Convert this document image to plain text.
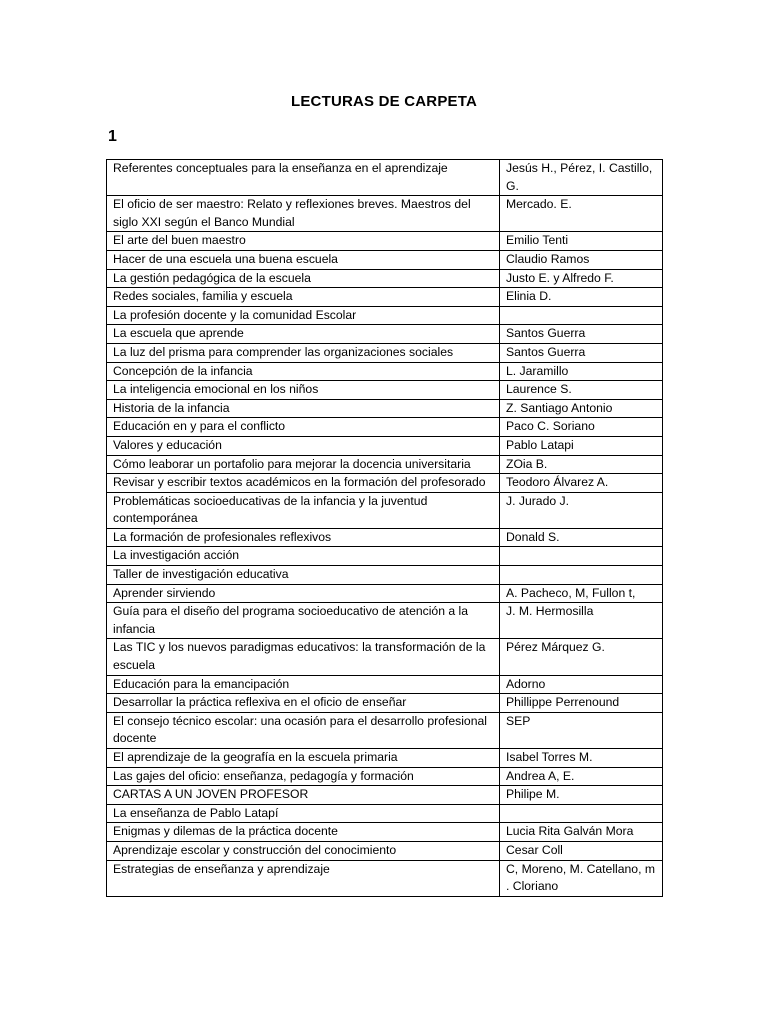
LECTURAS DE CARPETA
1
Referentes conceptuales para la enseñanza en el aprendizaje	Jesús H., Pérez, I. Castillo, G.
El oficio de ser maestro: Relato y reflexiones breves. Maestros del siglo XXI según el Banco Mundial	Mercado. E.
El arte del buen maestro	Emilio Tenti
Hacer de una escuela una buena escuela	Claudio Ramos
La gestión pedagógica de la escuela	Justo E. y Alfredo F.
Redes sociales, familia y escuela	Elinia D.
La profesión docente y la comunidad Escolar	
La escuela que aprende	Santos Guerra
La luz del prisma para comprender las organizaciones sociales	Santos Guerra
Concepción de la infancia	L. Jaramillo
La inteligencia emocional en los niños	Laurence S.
Historia de la infancia	Z. Santiago Antonio
Educación en y para el conflicto	Paco C. Soriano
Valores y educación	Pablo Latapi
Cómo leaborar un portafolio para mejorar la docencia universitaria	ZOia B.
Revisar y escribir textos académicos en la formación del profesorado	Teodoro Álvarez A.
Problemáticas socioeducativas de la infancia y la juventud contemporánea	J. Jurado J.
La formación de profesionales reflexivos	Donald S.
La investigación acción	
Taller de investigación educativa	
Aprender sirviendo	A. Pacheco, M, Fullon t,
Guía para el diseño del programa socioeducativo de atención a la infancia	J. M. Hermosilla
Las TIC y los nuevos paradigmas educativos: la transformación de la escuela	Pérez Márquez G.
Educación para la emancipación	Adorno
Desarrollar la práctica reflexiva en el oficio de enseñar	Phillippe Perrenound
El consejo técnico escolar: una ocasión para el desarrollo profesional docente	SEP
El aprendizaje de la geografía en la escuela primaria	Isabel Torres M.
Las gajes del oficio: enseñanza, pedagogía y formación	Andrea A, E.
CARTAS A UN JOVEN PROFESOR	Philipe M.
La enseñanza de Pablo Latapí	
Enigmas y dilemas de la práctica docente	Lucia Rita Galván Mora
Aprendizaje escolar y construcción del conocimiento	Cesar Coll
Estrategias de enseñanza y aprendizaje	C, Moreno, M. Catellano, m . Cloriano
